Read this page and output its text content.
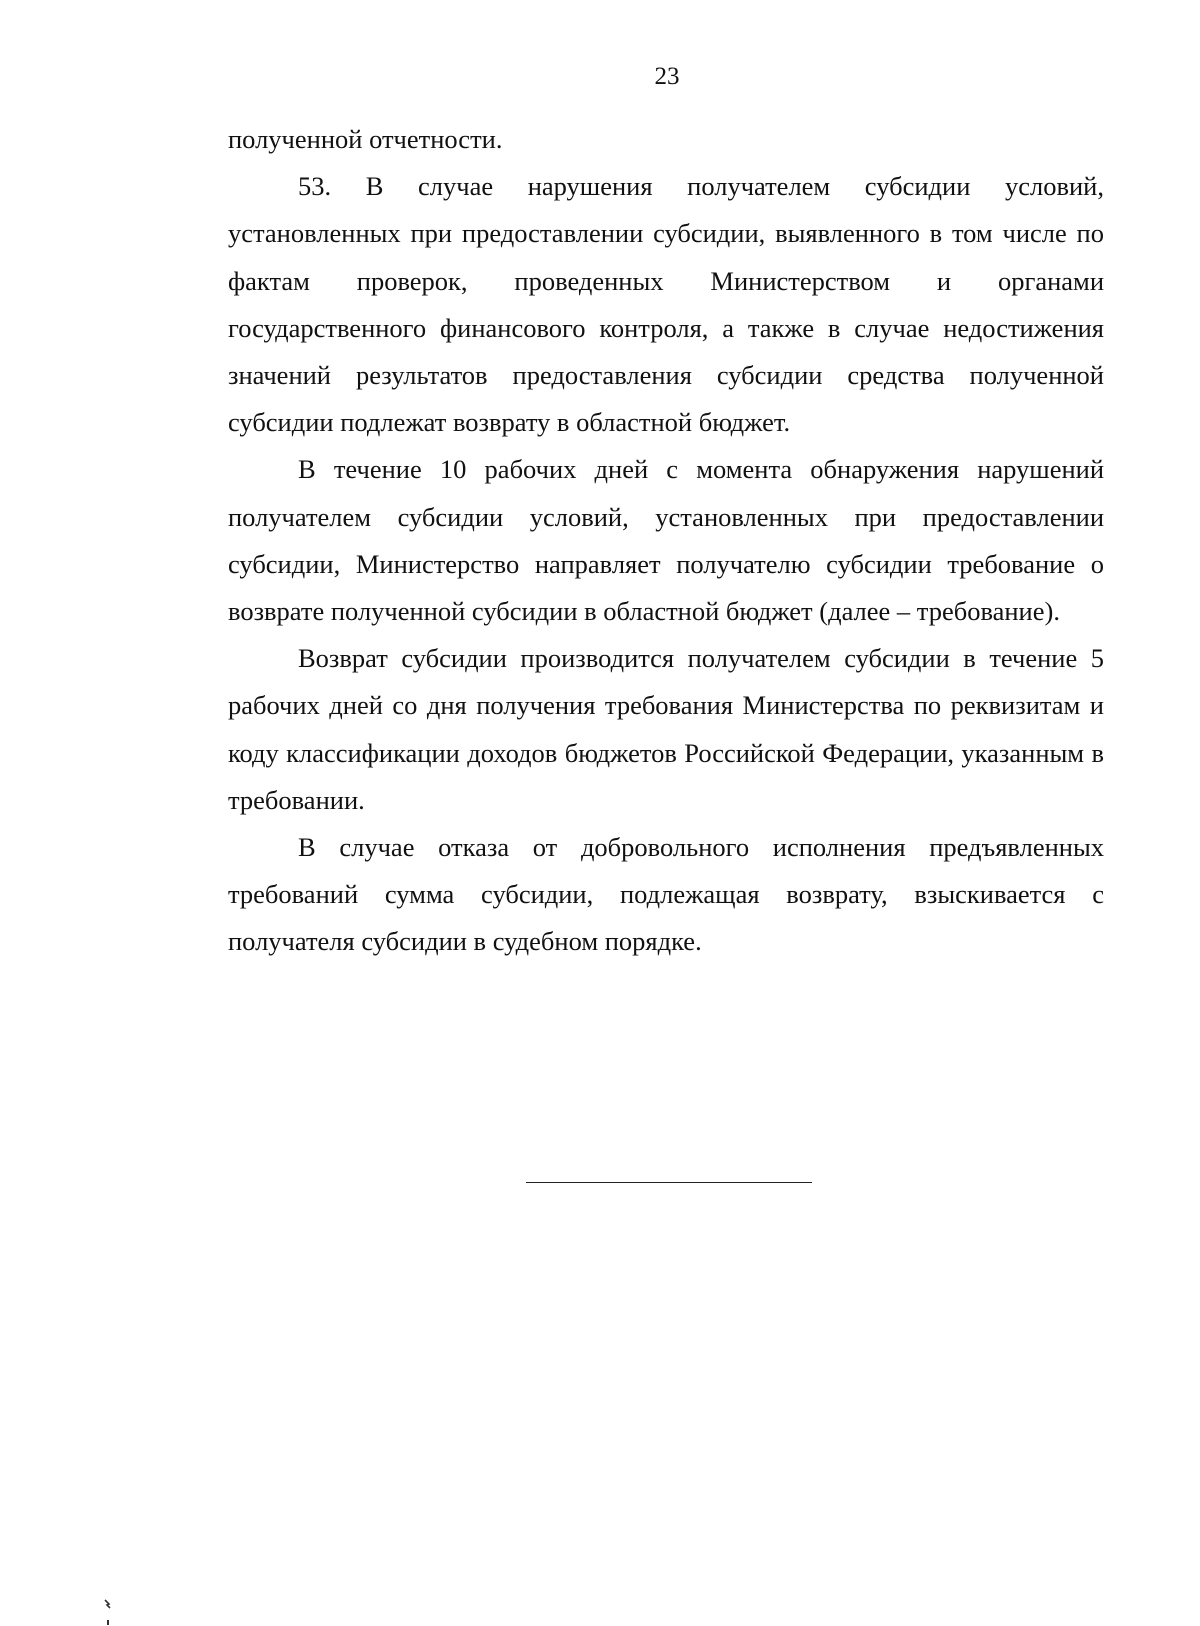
23

полученной отчетности.

53. В случае нарушения получателем субсидии условий, установленных при предоставлении субсидии, выявленного в том числе по фактам проверок, проведенных Министерством и органами государственного финансового контроля, а также в случае недостижения значений результатов предоставления субсидии средства полученной субсидии подлежат возврату в областной бюджет.

В течение 10 рабочих дней с момента обнаружения нарушений получателем субсидии условий, установленных при предоставлении субсидии, Министерство направляет получателю субсидии требование о возврате полученной субсидии в областной бюджет (далее – требование).

Возврат субсидии производится получателем субсидии в течение 5 рабочих дней со дня получения требования Министерства по реквизитам и коду классификации доходов бюджетов Российской Федерации, указанным в требовании.

В случае отказа от добровольного исполнения предъявленных требований сумма субсидии, подлежащая возврату, взыскивается с получателя субсидии в судебном порядке.
